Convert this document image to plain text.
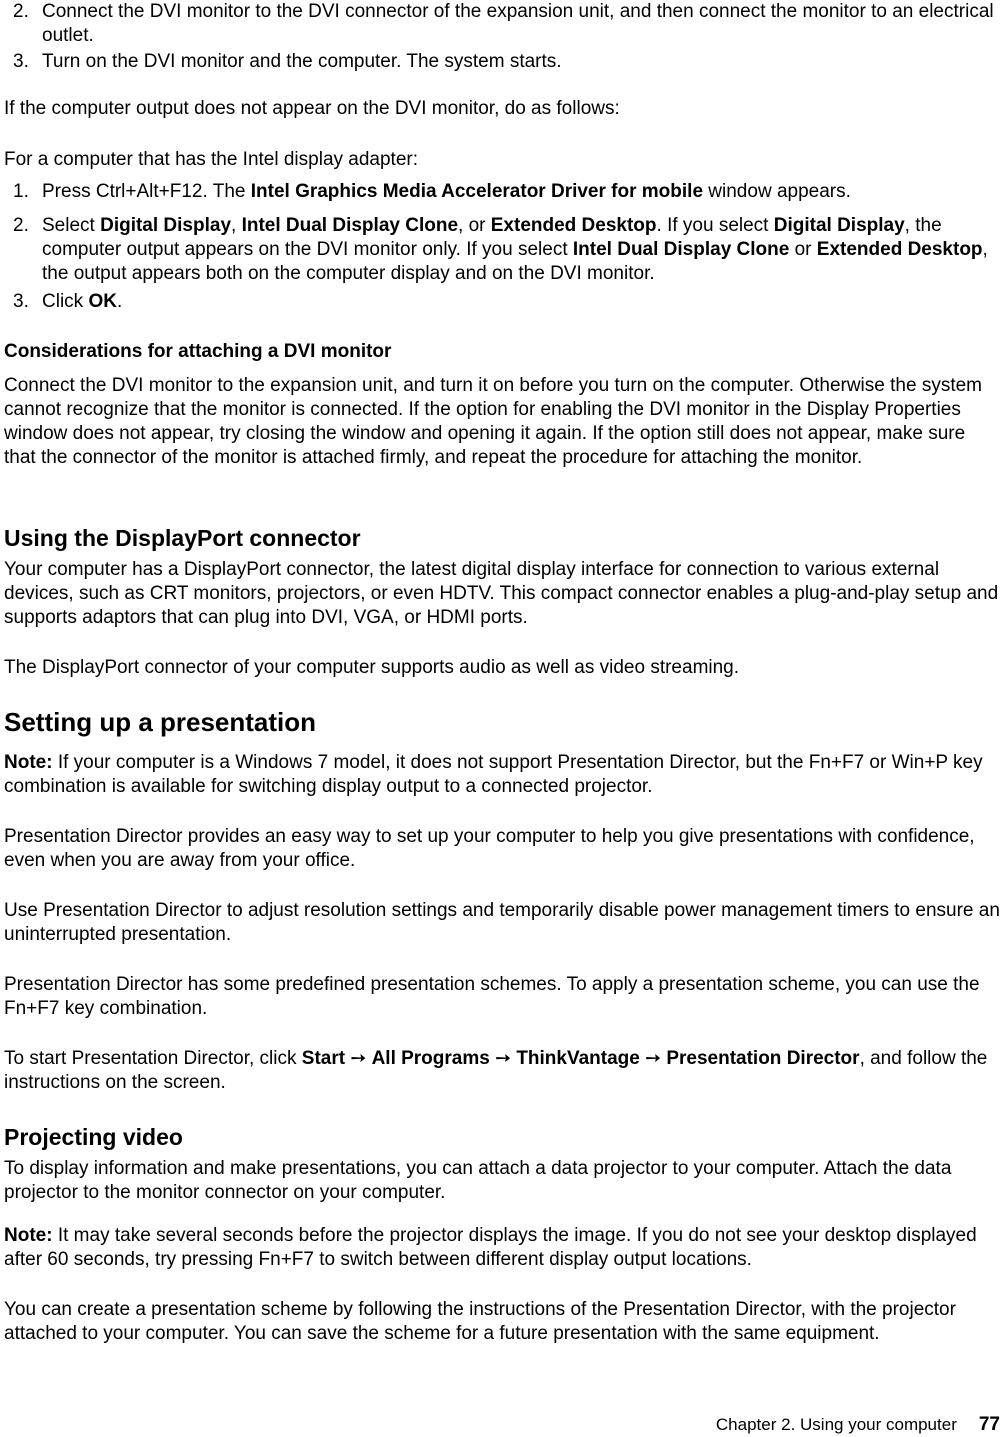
2. Connect the DVI monitor to the DVI connector of the expansion unit, and then connect the monitor to an electrical outlet.

3. Turn on the DVI monitor and the computer. The system starts.

If the computer output does not appear on the DVI monitor, do as follows:

For a computer that has the Intel display adapter:

1. Press Ctrl+Alt+F12. The Intel Graphics Media Accelerator Driver for mobile window appears.

2. Select Digital Display, Intel Dual Display Clone, or Extended Desktop. If you select Digital Display, the computer output appears on the DVI monitor only. If you select Intel Dual Display Clone or Extended Desktop, the output appears both on the computer display and on the DVI monitor.

3. Click OK.

Considerations for attaching a DVI monitor

Connect the DVI monitor to the expansion unit, and turn it on before you turn on the computer. Otherwise the system cannot recognize that the monitor is connected. If the option for enabling the DVI monitor in the Display Properties window does not appear, try closing the window and opening it again. If the option still does not appear, make sure that the connector of the monitor is attached firmly, and repeat the procedure for attaching the monitor.

Using the DisplayPort connector

Your computer has a DisplayPort connector, the latest digital display interface for connection to various external devices, such as CRT monitors, projectors, or even HDTV. This compact connector enables a plug-and-play setup and supports adaptors that can plug into DVI, VGA, or HDMI ports.

The DisplayPort connector of your computer supports audio as well as video streaming.

Setting up a presentation

Note: If your computer is a Windows 7 model, it does not support Presentation Director, but the Fn+F7 or Win+P key combination is available for switching display output to a connected projector.

Presentation Director provides an easy way to set up your computer to help you give presentations with confidence, even when you are away from your office.

Use Presentation Director to adjust resolution settings and temporarily disable power management timers to ensure an uninterrupted presentation.

Presentation Director has some predefined presentation schemes. To apply a presentation scheme, you can use the Fn+F7 key combination.

To start Presentation Director, click Start ➙ All Programs ➙ ThinkVantage ➙ Presentation Director, and follow the instructions on the screen.

Projecting video

To display information and make presentations, you can attach a data projector to your computer. Attach the data projector to the monitor connector on your computer.

Note: It may take several seconds before the projector displays the image. If you do not see your desktop displayed after 60 seconds, try pressing Fn+F7 to switch between different display output locations.

You can create a presentation scheme by following the instructions of the Presentation Director, with the projector attached to your computer. You can save the scheme for a future presentation with the same equipment.

Chapter 2. Using your computer 77
